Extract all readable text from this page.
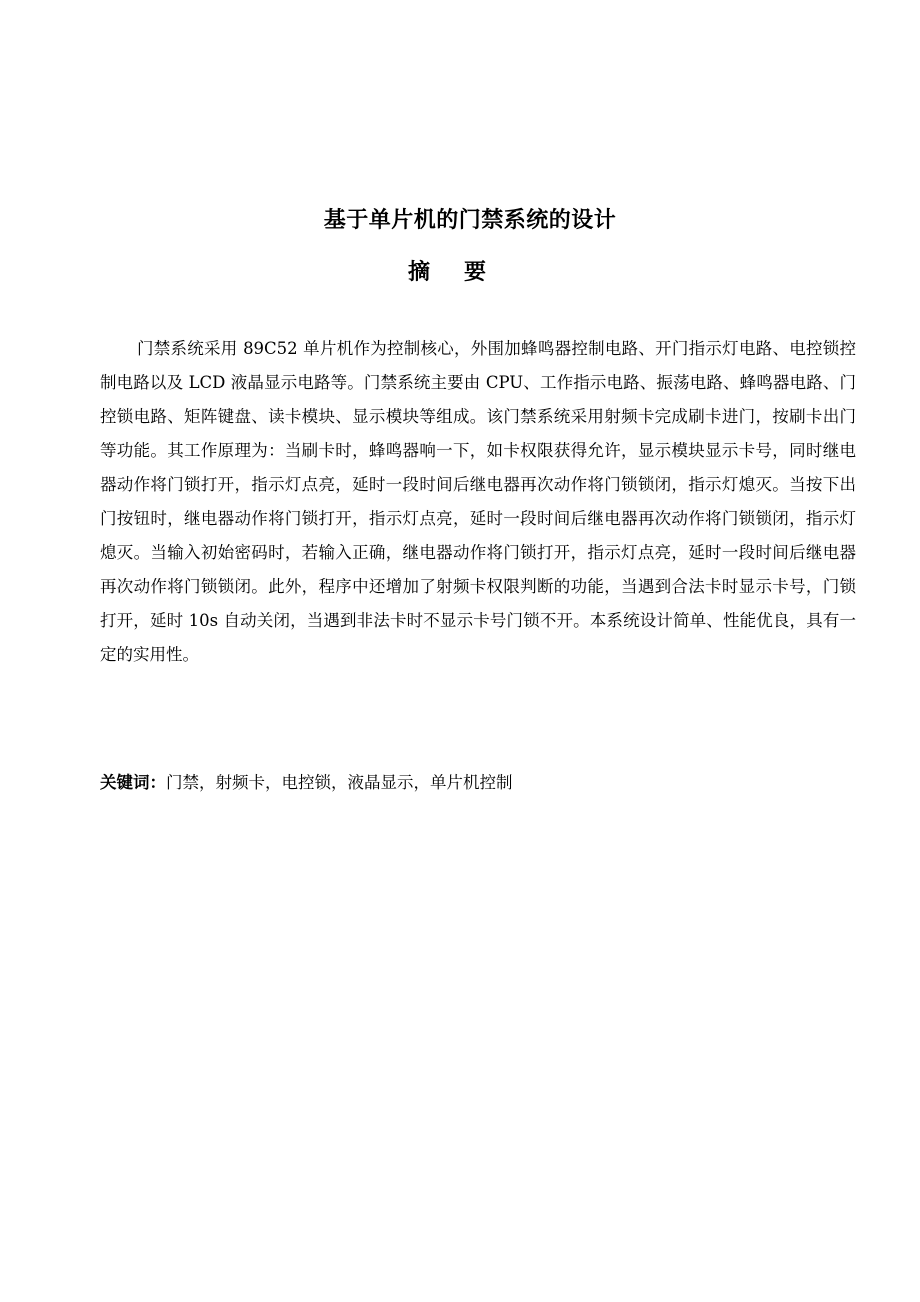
基于单片机的门禁系统的设计
摘要

门禁系统采用 89C52 单片机作为控制核心，外围加蜂鸣器控制电路、开门指示灯电路、电控锁控制电路以及 LCD 液晶显示电路等。门禁系统主要由 CPU、工作指示电路、振荡电路、蜂鸣器电路、门控锁电路、矩阵键盘、读卡模块、显示模块等组成。该门禁系统采用射频卡完成刷卡进门，按刷卡出门等功能。其工作原理为：当刷卡时，蜂鸣器响一下，如卡权限获得允许，显示模块显示卡号，同时继电器动作将门锁打开，指示灯点亮，延时一段时间后继电器再次动作将门锁锁闭，指示灯熄灭。当按下出门按钮时，继电器动作将门锁打开，指示灯点亮，延时一段时间后继电器再次动作将门锁锁闭，指示灯熄灭。当输入初始密码时，若输入正确，继电器动作将门锁打开，指示灯点亮，延时一段时间后继电器再次动作将门锁锁闭。此外，程序中还增加了射频卡权限判断的功能，当遇到合法卡时显示卡号，门锁打开，延时 10s 自动关闭，当遇到非法卡时不显示卡号门锁不开。本系统设计简单、性能优良，具有一定的实用性。

关键词：门禁，射频卡，电控锁，液晶显示，单片机控制
